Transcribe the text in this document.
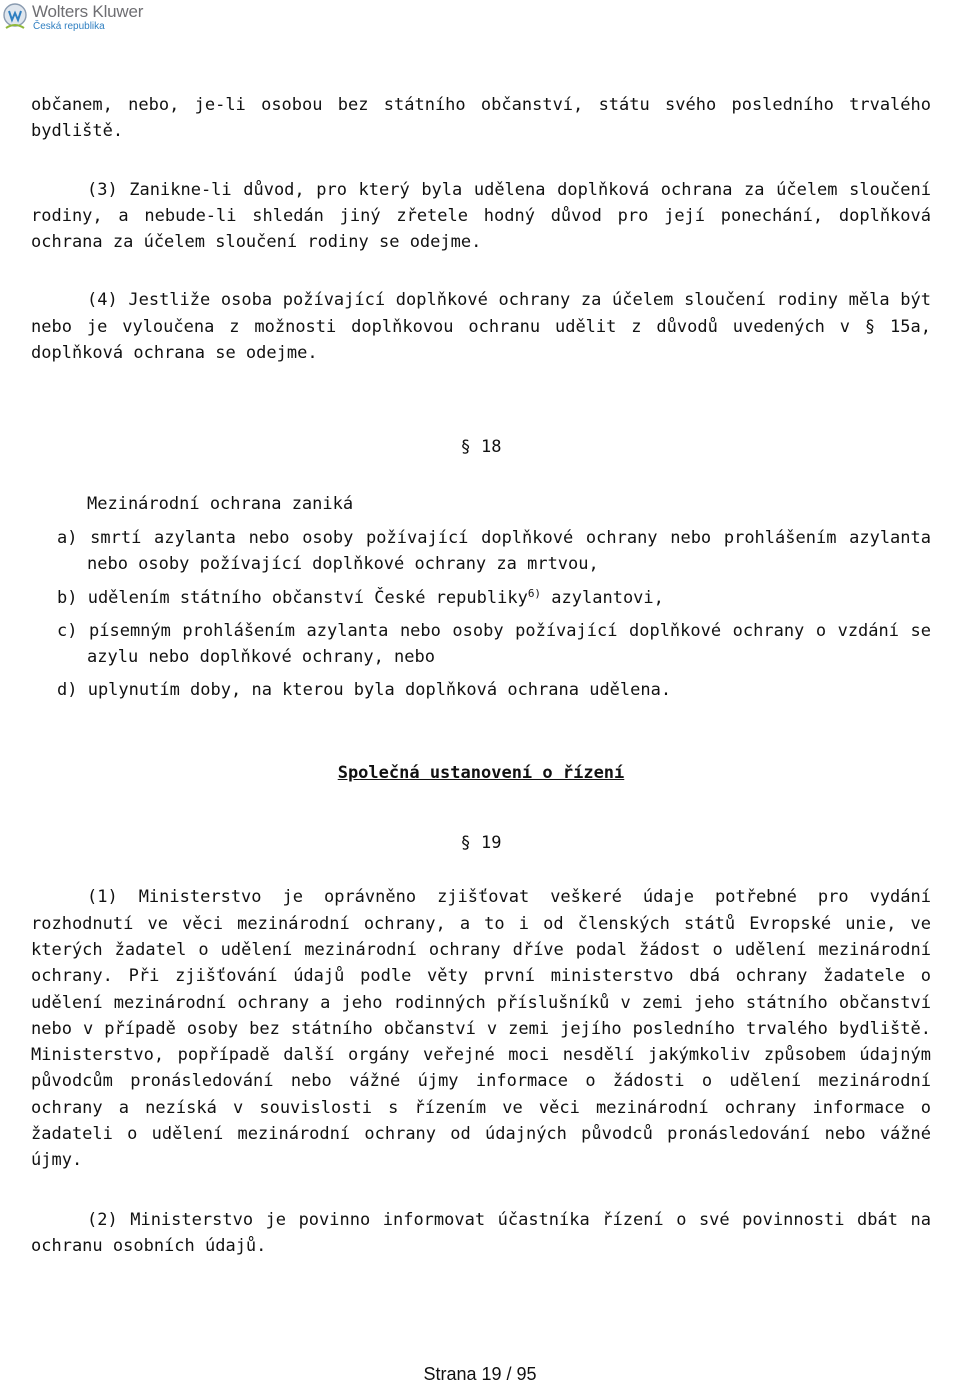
Wolters Kluwer
Česká republika

občanem, nebo, je-li osobou bez státního občanství, státu svého posledního trvalého bydliště.

(3) Zanikne-li důvod, pro který byla udělena doplňková ochrana za účelem sloučení rodiny, a nebude-li shledán jiný zřetele hodný důvod pro její ponechání, doplňková ochrana za účelem sloučení rodiny se odejme.

(4) Jestliže osoba požívající doplňkové ochrany za účelem sloučení rodiny měla být nebo je vyloučena z možnosti doplňkovou ochranu udělit z důvodů uvedených v § 15a, doplňková ochrana se odejme.

§ 18

Mezinárodní ochrana zaniká

a) smrtí azylanta nebo osoby požívající doplňkové ochrany nebo prohlášením azylanta nebo osoby požívající doplňkové ochrany za mrtvou,
b) udělením státního občanství České republiky$^{6)}$ azylantovi,
c) písemným prohlášením azylanta nebo osoby požívající doplňkové ochrany o vzdání se azylu nebo doplňkové ochrany, nebo
d) uplynutím doby, na kterou byla doplňková ochrana udělena.

Společná ustanovení o řízení

§ 19

(1) Ministerstvo je oprávněno zjišťovat veškeré údaje potřebné pro vydání rozhodnutí ve věci mezinárodní ochrany, a to i od členských států Evropské unie, ve kterých žadatel o udělení mezinárodní ochrany dříve podal žádost o udělení mezinárodní ochrany. Při zjišťování údajů podle věty první ministerstvo dbá ochrany žadatele o udělení mezinárodní ochrany a jeho rodinných příslušníků v zemi jeho státního občanství nebo v případě osoby bez státního občanství v zemi jejího posledního trvalého bydliště. Ministerstvo, popřípadě další orgány veřejné moci nesdělí jakýmkoliv způsobem údajným původcům pronásledování nebo vážné újmy informace o žádosti o udělení mezinárodní ochrany a nezíská v souvislosti s řízením ve věci mezinárodní ochrany informace o žadateli o udělení mezinárodní ochrany od údajných původců pronásledování nebo vážné újmy.

(2) Ministerstvo je povinno informovat účastníka řízení o své povinnosti dbát na ochranu osobních údajů.

Strana 19 / 95
